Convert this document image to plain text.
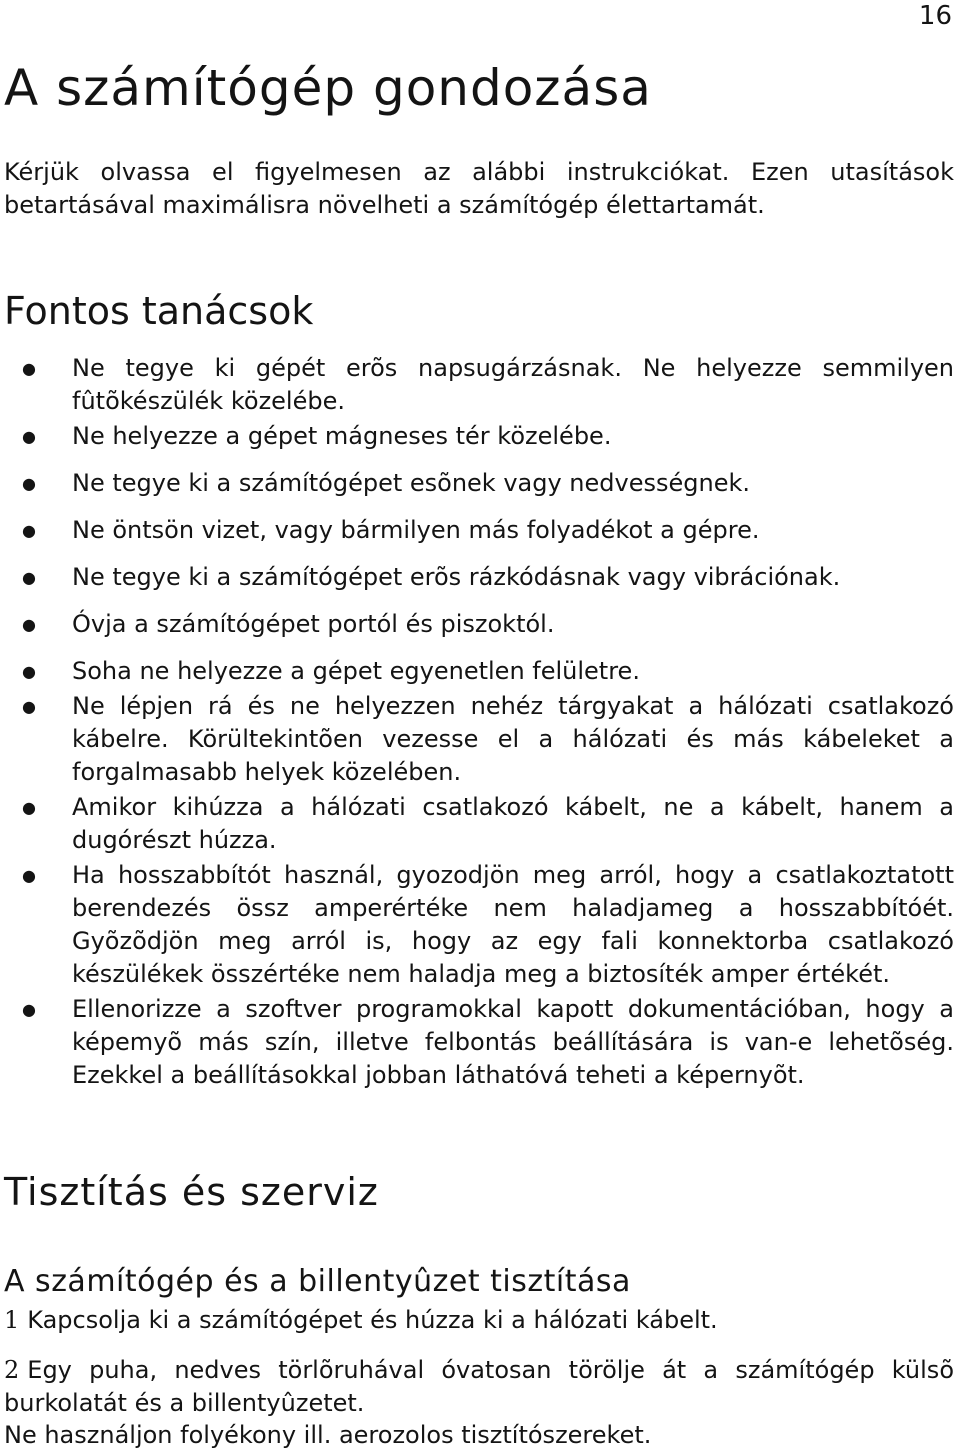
16
A számítógép gondozása

Kérjük olvassa el figyelmesen az alábbi instrukciókat. Ezen utasítások betartásával maximálisra növelheti a számítógép élettartamát.

Fontos tanácsok
● Ne tegye ki gépét erõs napsugárzásnak. Ne helyezze semmilyen fûtõkészülék közelébe.
● Ne helyezze a gépet mágneses tér közelébe.
● Ne tegye ki a számítógépet esõnek vagy nedvességnek.
● Ne öntsön vizet, vagy bármilyen más folyadékot a gépre.
● Ne tegye ki a számítógépet erõs rázkódásnak vagy vibrációnak.
● Óvja a számítógépet portól és piszoktól.
● Soha ne helyezze a gépet egyenetlen felületre.
● Ne lépjen rá és ne helyezzen nehéz tárgyakat a hálózati csatlakozó kábelre. Körültekintõen vezesse el a hálózati és más kábeleket a forgalmasabb helyek közelében.
● Amikor kihúzza a hálózati csatlakozó kábelt, ne a kábelt, hanem a dugórészt húzza.
● Ha hosszabbítót használ, gyozodjön meg arról, hogy a csatlakoztatott berendezés össz amperértéke nem haladjameg a hosszabbítóét. Gyõzõdjön meg arról is, hogy az egy fali konnektorba csatlakozó készülékek összértéke nem haladja meg a biztosíték amper értékét.
● Ellenorizze a szoftver programokkal kapott dokumentációban, hogy a képemyõ más szín, illetve felbontás beállítására is van-e lehetõség. Ezekkel a beállításokkal jobban láthatóvá teheti a képernyõt.
Tisztítás és szerviz
A számítógép és a billentyûzet tisztítása

1 Kapcsolja ki a számítógépet és húzza ki a hálózati kábelt.

2 Egy puha, nedves törlõruhával óvatosan törölje át a számítógép külsõ burkolatát és a billentyûzetet.

Ne használjon folyékony ill. aerozolos tisztítószereket.
